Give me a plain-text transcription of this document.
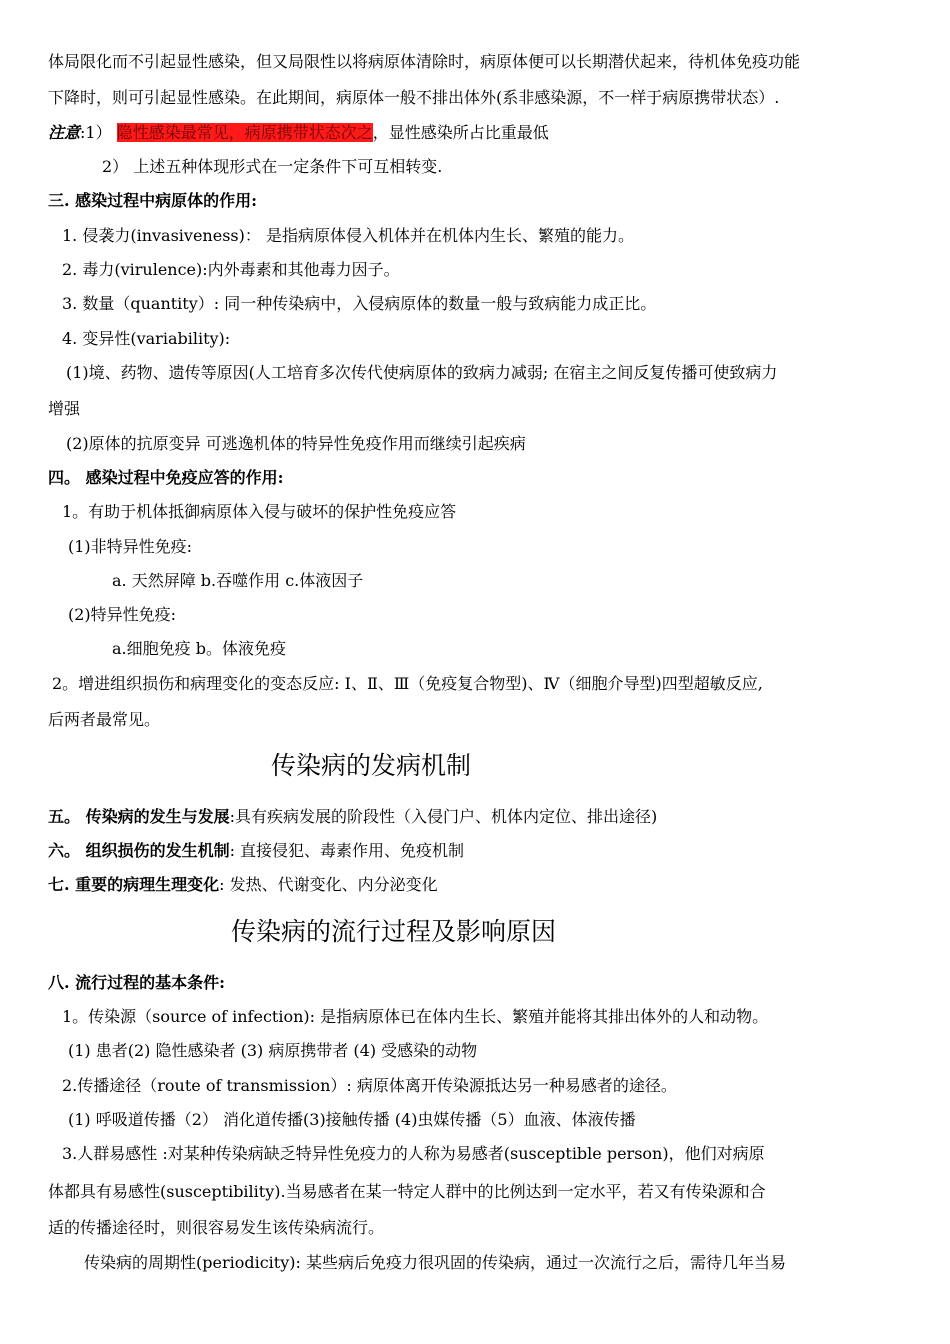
体局限化而不引起显性感染，但又局限性以将病原体清除时，病原体便可以长期潜伏起来，待机体免疫功能
下降时，则可引起显性感染。在此期间，病原体一般不排出体外(系非感染源，不一样于病原携带状态）.
注意:1） 隐性感染最常见，病原携带状态次之，显性感染所占比重最低
2） 上述五种体现形式在一定条件下可互相转变.
三. 感染过程中病原体的作用:
1. 侵袭力(invasiveness)： 是指病原体侵入机体并在机体内生长、繁殖的能力。
2. 毒力(virulence):内外毒素和其他毒力因子。
3. 数量（quantity）: 同一种传染病中，入侵病原体的数量一般与致病能力成正比。
4. 变异性(variability):
(1)境、药物、遗传等原因(人工培育多次传代使病原体的致病力减弱; 在宿主之间反复传播可使致病力
增强
(2)原体的抗原变异 可逃逸机体的特异性免疫作用而继续引起疾病
四。 感染过程中免疫应答的作用:
1。有助于机体抵御病原体入侵与破坏的保护性免疫应答
(1)非特异性免疫:
a. 天然屏障 b.吞噬作用 c.体液因子
(2)特异性免疫:
a.细胞免疫 b。体液免疫
2。增进组织损伤和病理变化的变态反应: Ⅰ、Ⅱ、Ⅲ（免疫复合物型)、Ⅳ（细胞介导型)四型超敏反应,
后两者最常见。
传染病的发病机制
五。 传染病的发生与发展:具有疾病发展的阶段性（入侵门户、机体内定位、排出途径)
六。 组织损伤的发生机制: 直接侵犯、毒素作用、免疫机制
七. 重要的病理生理变化: 发热、代谢变化、内分泌变化
传染病的流行过程及影响原因
八. 流行过程的基本条件:
1。传染源（source of infection): 是指病原体已在体内生长、繁殖并能将其排出体外的人和动物。
(1) 患者(2) 隐性感染者 (3) 病原携带者 (4) 受感染的动物
2.传播途径（route of transmission）: 病原体离开传染源抵达另一种易感者的途径。
(1) 呼吸道传播（2） 消化道传播(3)接触传播 (4)虫媒传播（5）血液、体液传播
3.人群易感性 :对某种传染病缺乏特异性免疫力的人称为易感者(susceptible person)，他们对病原
体都具有易感性(susceptibility).当易感者在某一特定人群中的比例达到一定水平，若又有传染源和合
适的传播途径时，则很容易发生该传染病流行。
传染病的周期性(periodicity): 某些病后免疫力很巩固的传染病，通过一次流行之后，需待几年当易
